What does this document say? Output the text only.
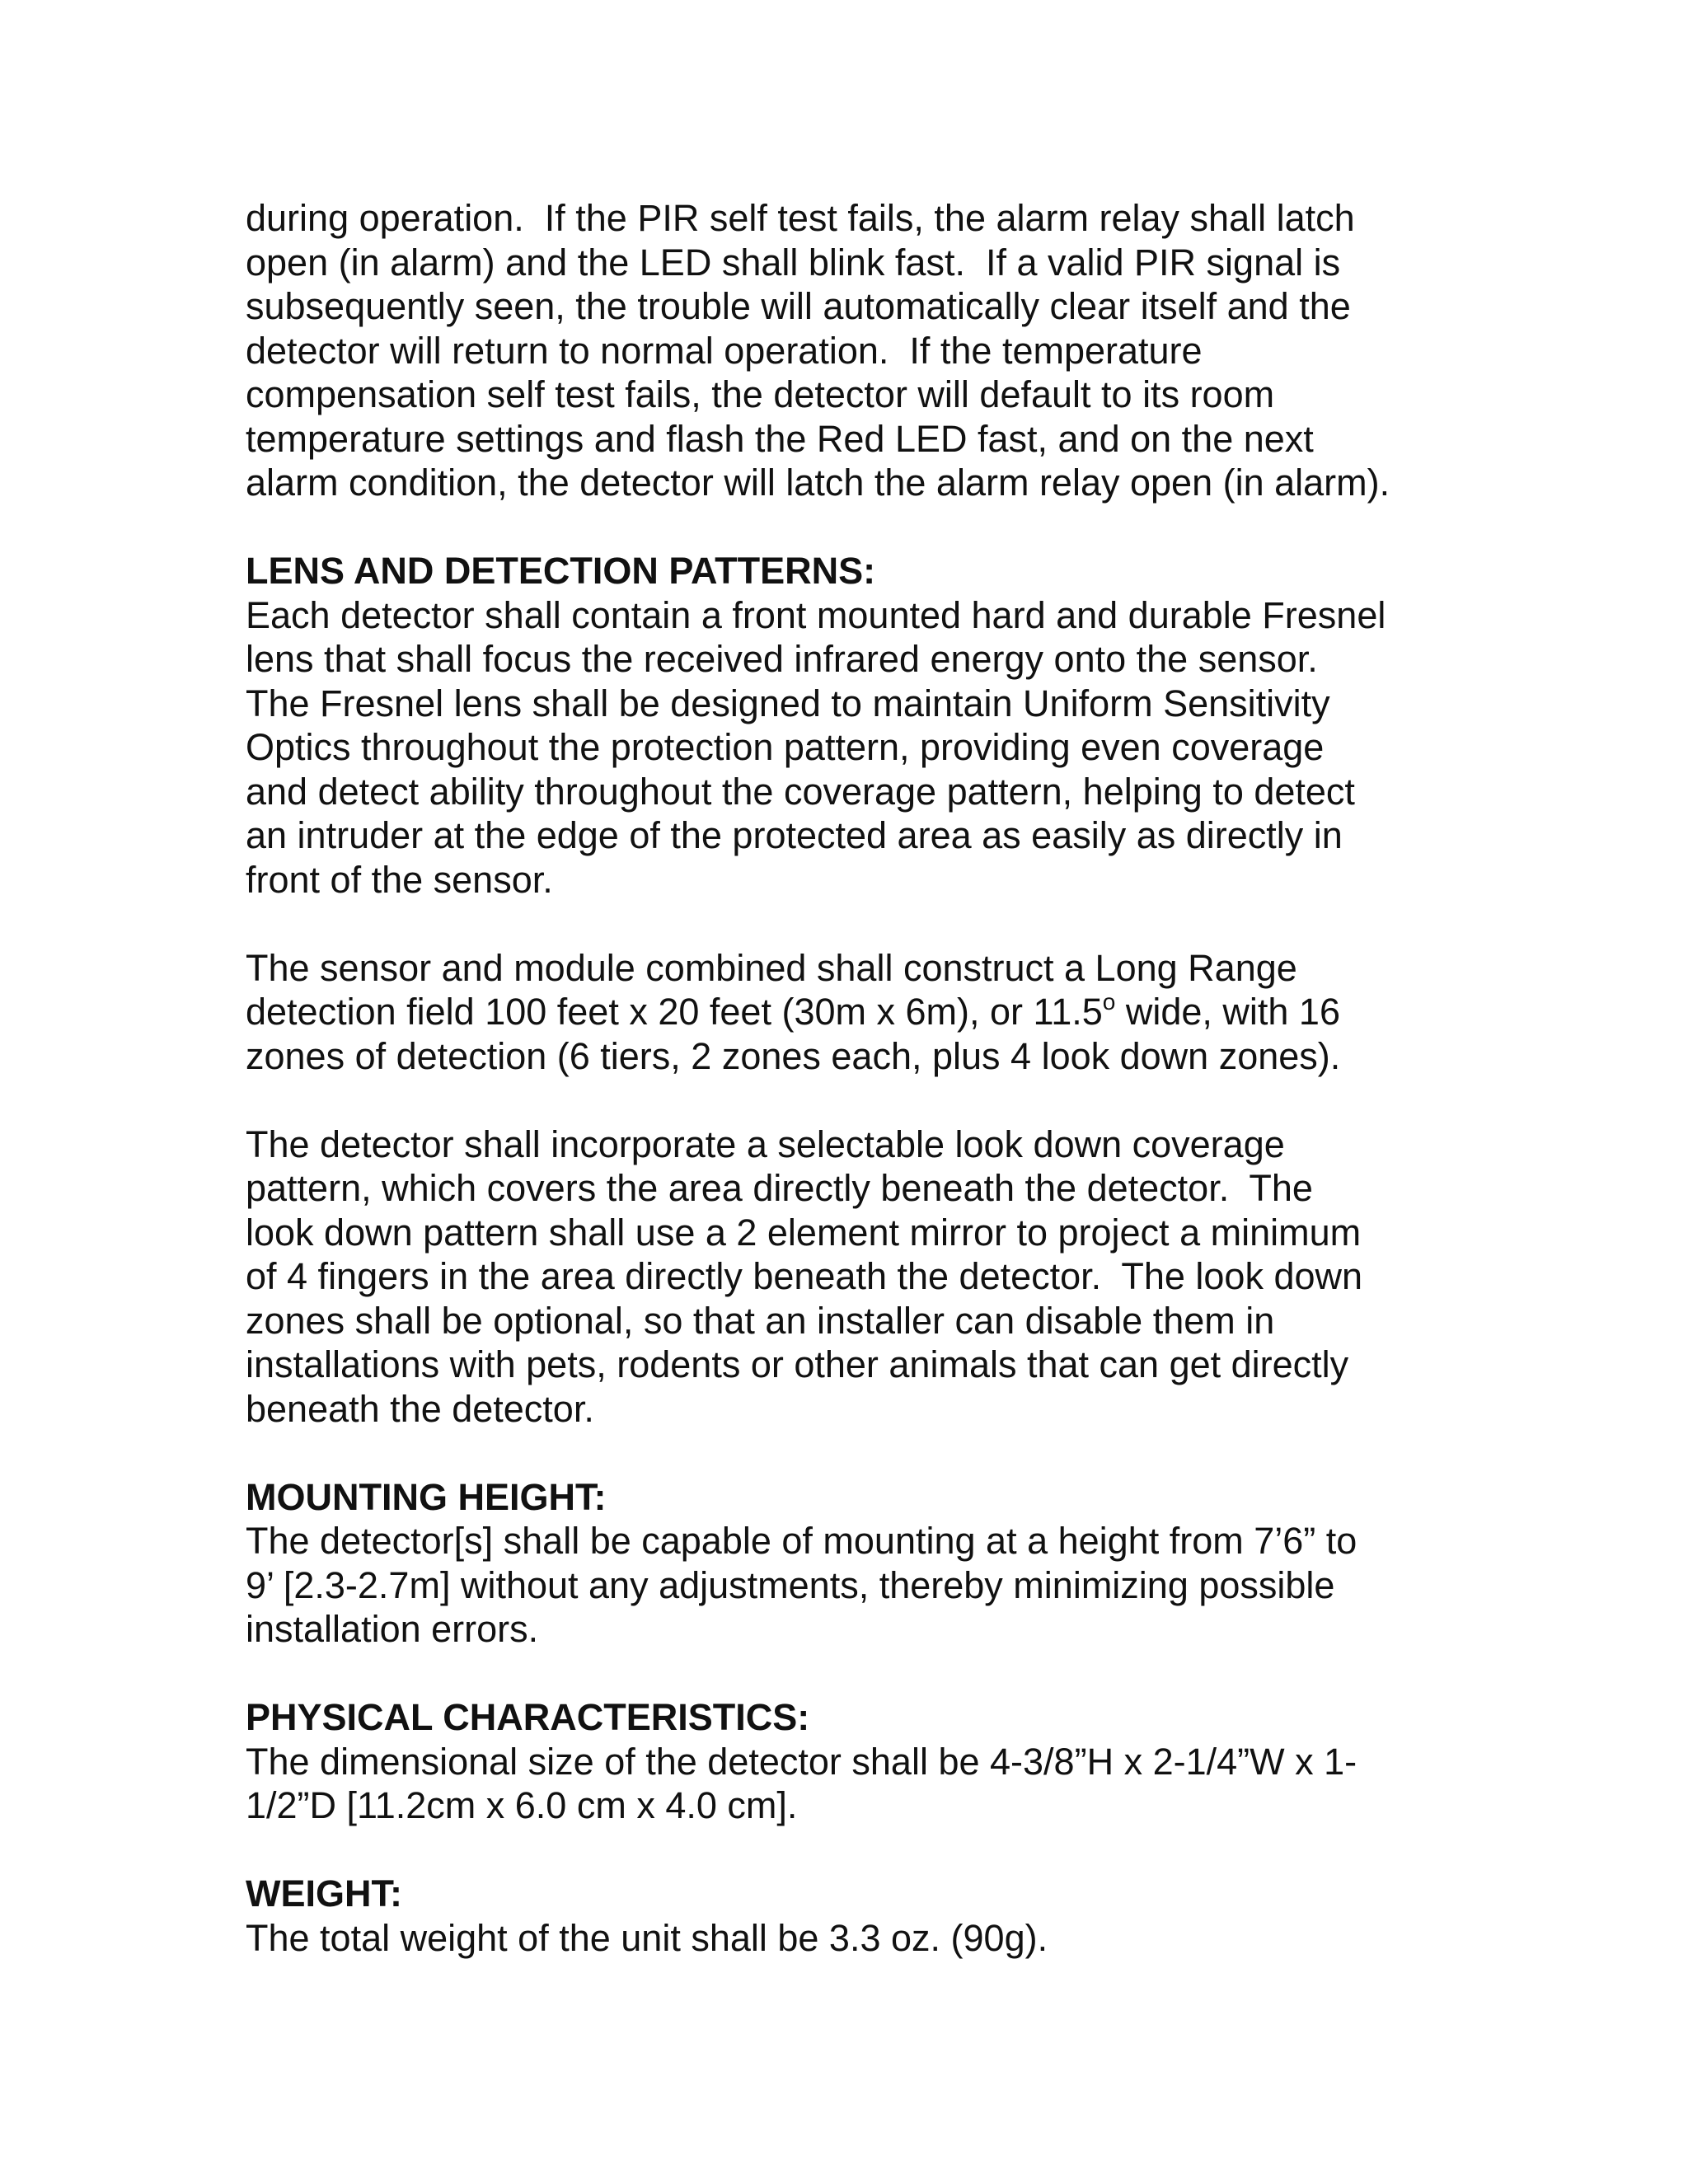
during operation.  If the PIR self test fails, the alarm relay shall latch
open (in alarm) and the LED shall blink fast.  If a valid PIR signal is
subsequently seen, the trouble will automatically clear itself and the
detector will return to normal operation.  If the temperature
compensation self test fails, the detector will default to its room
temperature settings and flash the Red LED fast, and on the next
alarm condition, the detector will latch the alarm relay open (in alarm).
LENS AND DETECTION PATTERNS:
Each detector shall contain a front mounted hard and durable Fresnel
lens that shall focus the received infrared energy onto the sensor.
The Fresnel lens shall be designed to maintain Uniform Sensitivity
Optics throughout the protection pattern, providing even coverage
and detect ability throughout the coverage pattern, helping to detect
an intruder at the edge of the protected area as easily as directly in
front of the sensor.
The sensor and module combined shall construct a Long Range
detection field 100 feet x 20 feet (30m x 6m), or 11.5$^o$ wide, with 16
zones of detection (6 tiers, 2 zones each, plus 4 look down zones).
The detector shall incorporate a selectable look down coverage
pattern, which covers the area directly beneath the detector.  The
look down pattern shall use a 2 element mirror to project a minimum
of 4 fingers in the area directly beneath the detector.  The look down
zones shall be optional, so that an installer can disable them in
installations with pets, rodents or other animals that can get directly
beneath the detector.
MOUNTING HEIGHT:
The detector[s] shall be capable of mounting at a height from 7’6” to
9’ [2.3-2.7m] without any adjustments, thereby minimizing possible
installation errors.
PHYSICAL CHARACTERISTICS:
The dimensional size of the detector shall be 4-3/8”H x 2-1/4”W x 1-
1/2”D [11.2cm x 6.0 cm x 4.0 cm].
WEIGHT:
The total weight of the unit shall be 3.3 oz. (90g).
